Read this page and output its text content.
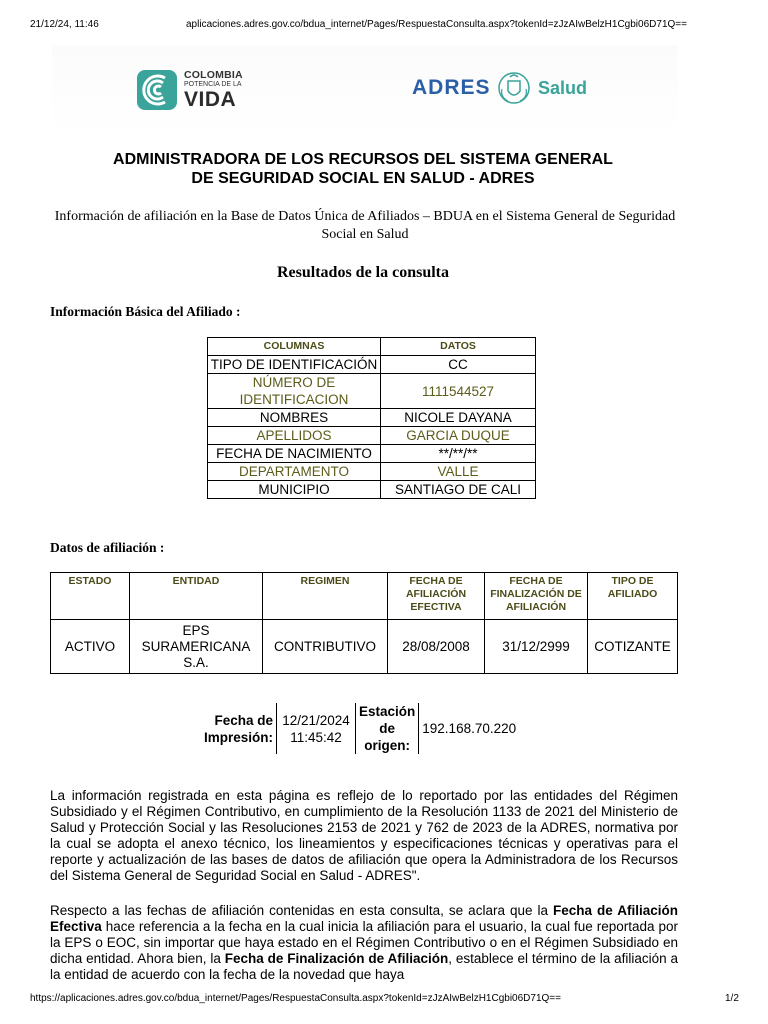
21/12/24, 11:46	aplicaciones.adres.gov.co/bdua_internet/Pages/RespuestaConsulta.aspx?tokenId=zJzAIwBelzH1Cgbi06D71Q==
COLOMBIA
POTENCIA DE LA
VIDA
ADRES	Salud
ADMINISTRADORA DE LOS RECURSOS DEL SISTEMA GENERAL
DE SEGURIDAD SOCIAL EN SALUD - ADRES
Información de afiliación en la Base de Datos Única de Afiliados – BDUA en el Sistema General de Seguridad Social en Salud
Resultados de la consulta
Información Básica del Afiliado :
COLUMNAS	DATOS
TIPO DE IDENTIFICACIÓN	CC
NÚMERO DE IDENTIFICACION	1111544527
NOMBRES	NICOLE DAYANA
APELLIDOS	GARCIA DUQUE
FECHA DE NACIMIENTO	**/**/**
DEPARTAMENTO	VALLE
MUNICIPIO	SANTIAGO DE CALI
Datos de afiliación :
ESTADO	ENTIDAD	REGIMEN	FECHA DE AFILIACIÓN EFECTIVA	FECHA DE FINALIZACIÓN DE AFILIACIÓN	TIPO DE AFILIADO
ACTIVO	EPS SURAMERICANA S.A.	CONTRIBUTIVO	28/08/2008	31/12/2999	COTIZANTE
Fecha de Impresión:	12/21/2024 11:45:42	Estación de origen:	192.168.70.220
La información registrada en esta página es reflejo de lo reportado por las entidades del Régimen Subsidiado y el Régimen Contributivo, en cumplimiento de la Resolución 1133 de 2021 del Ministerio de Salud y Protección Social y las Resoluciones 2153 de 2021 y 762 de 2023 de la ADRES, normativa por la cual se adopta el anexo técnico, los lineamientos y especificaciones técnicas y operativas para el reporte y actualización de las bases de datos de afiliación que opera la Administradora de los Recursos del Sistema General de Seguridad Social en Salud - ADRES".
Respecto a las fechas de afiliación contenidas en esta consulta, se aclara que la Fecha de Afiliación Efectiva hace referencia a la fecha en la cual inicia la afiliación para el usuario, la cual fue reportada por la EPS o EOC, sin importar que haya estado en el Régimen Contributivo o en el Régimen Subsidiado en dicha entidad. Ahora bien, la Fecha de Finalización de Afiliación, establece el término de la afiliación a la entidad de acuerdo con la fecha de la novedad que haya
https://aplicaciones.adres.gov.co/bdua_internet/Pages/RespuestaConsulta.aspx?tokenId=zJzAIwBelzH1Cgbi06D71Q==	1/2
